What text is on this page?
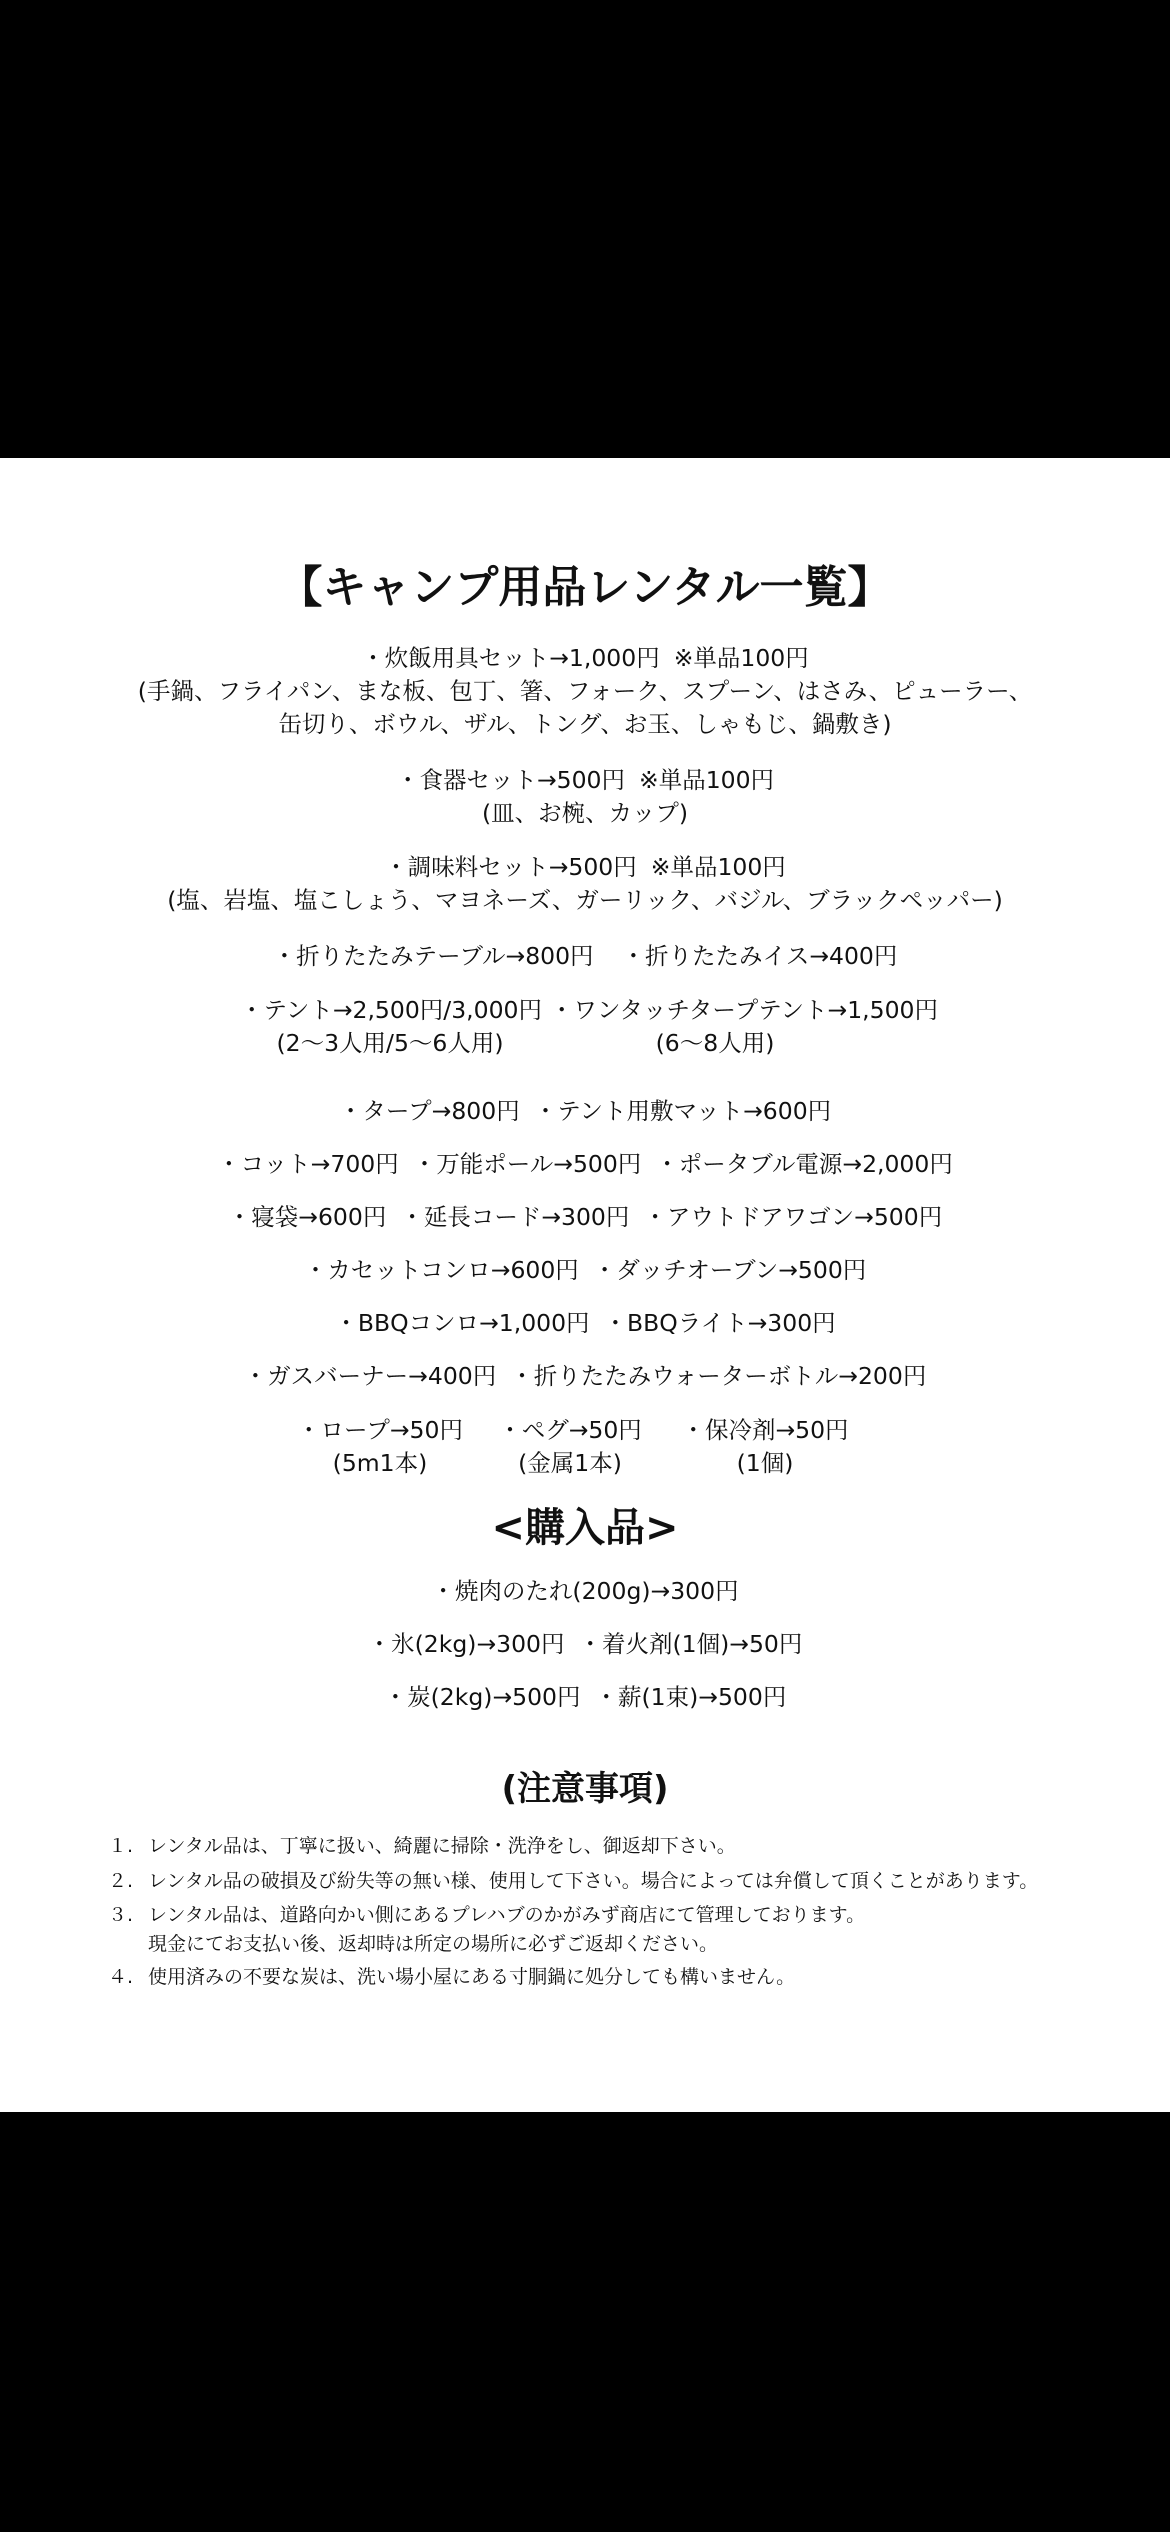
【キャンプ用品レンタル一覧】
・炊飯用具セット→1,000円 ※単品100円
(手鍋、フライパン、まな板、包丁、箸、フォーク、スプーン、はさみ、ピューラー、
缶切り、ボウル、ザル、トング、お玉、しゃもじ、鍋敷き)
・食器セット→500円 ※単品100円
(皿、お椀、カップ)
・調味料セット→500円 ※単品100円
(塩、岩塩、塩こしょう、マヨネーズ、ガーリック、バジル、ブラックペッパー)
・折りたたみテーブル→800円 ・折りたたみイス→400円
・テント→2,500円/3,000円
(2～3人用/5～6人用)
・ワンタッチタープテント→1,500円
(6～8人用)
・タープ→800円 ・テント用敷マット→600円
・コット→700円 ・万能ポール→500円 ・ポータブル電源→2,000円
・寝袋→600円 ・延長コード→300円 ・アウトドアワゴン→500円
・カセットコンロ→600円 ・ダッチオーブン→500円
・BBQコンロ→1,000円 ・BBQライト→300円
・ガスバーナー→400円 ・折りたたみウォーターボトル→200円
・ロープ→50円
(5m1本)
・ペグ→50円
(金属1本)
・保冷剤→50円
(1個)
<購入品>
・焼肉のたれ(200g)→300円
・氷(2kg)→300円 ・着火剤(1個)→50円
・炭(2kg)→500円 ・薪(1束)→500円
(注意事項)
１. レンタル品は、丁寧に扱い、綺麗に掃除・洗浄をし、御返却下さい。
２. レンタル品の破損及び紛失等の無い様、使用して下さい。場合によっては弁償して頂くことがあります。
３. レンタル品は、道路向かい側にあるプレハブのかがみず商店にて管理しております。
現金にてお支払い後、返却時は所定の場所に必ずご返却ください。
４. 使用済みの不要な炭は、洗い場小屋にある寸胴鍋に処分しても構いません。
